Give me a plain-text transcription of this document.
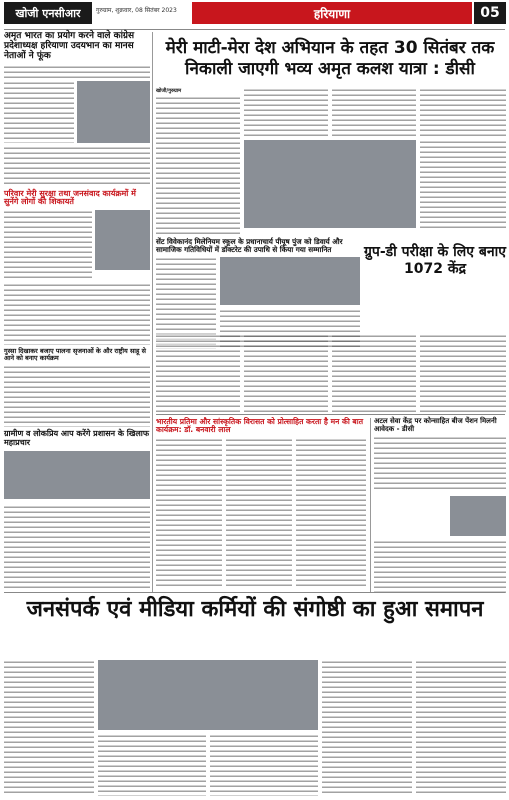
खोजी एनसीआर	गुरुग्राम, शुक्रवार, 08 सितंबर 2023	हरियाणा	05
मेरी माटी-मेरा देश अभियान के तहत 30 सितंबर तक निकाली जाएगी भव्य अमृत कलश यात्रा : डीसी
अमृत भारत का प्रयोग करने वाले कांग्रेस प्रदेशाध्यक्ष हरियाणा उदयभान का मानस नेताओं ने फूंक
परिवार मेरी सुरक्षा तथा जनसंवाद कार्यक्रमों में सुनेंगे लोगों की शिकायतें
गुस्सा दिखाकर बजाए पालना सृजनाओं के और राष्ट्रीय साहू से आने को बनाए कार्यक्रम
ग्रामीण व लोकप्रिय आप करेंगे प्रशासन के खिलाफ महाप्रचार
खोजी/गुरुग्राम
सेंट विवेकानंद मिलेनियम स्कूल के प्रधानाचार्य पीयूष पुंज को डिवार्य और सामाजिक गतिविधियों में डॉक्टरेट की उपाधि से किया गया सम्मानित	ग्रुप-डी परीक्षा के लिए बनाए 1072 केंद्र
भारतीय प्रतिमा और सांस्कृतिक विरासत को प्रोत्साहित करता है मन की बात कार्यक्रम: डॉ. बनवारी लाल
अटल सेवा केंद्र पर कोन्साहित बीज पेंशन मिलनी आवेदक - डीसी
जनसंपर्क एवं मीडिया कर्मियों की संगोष्ठी का हुआ समापन
